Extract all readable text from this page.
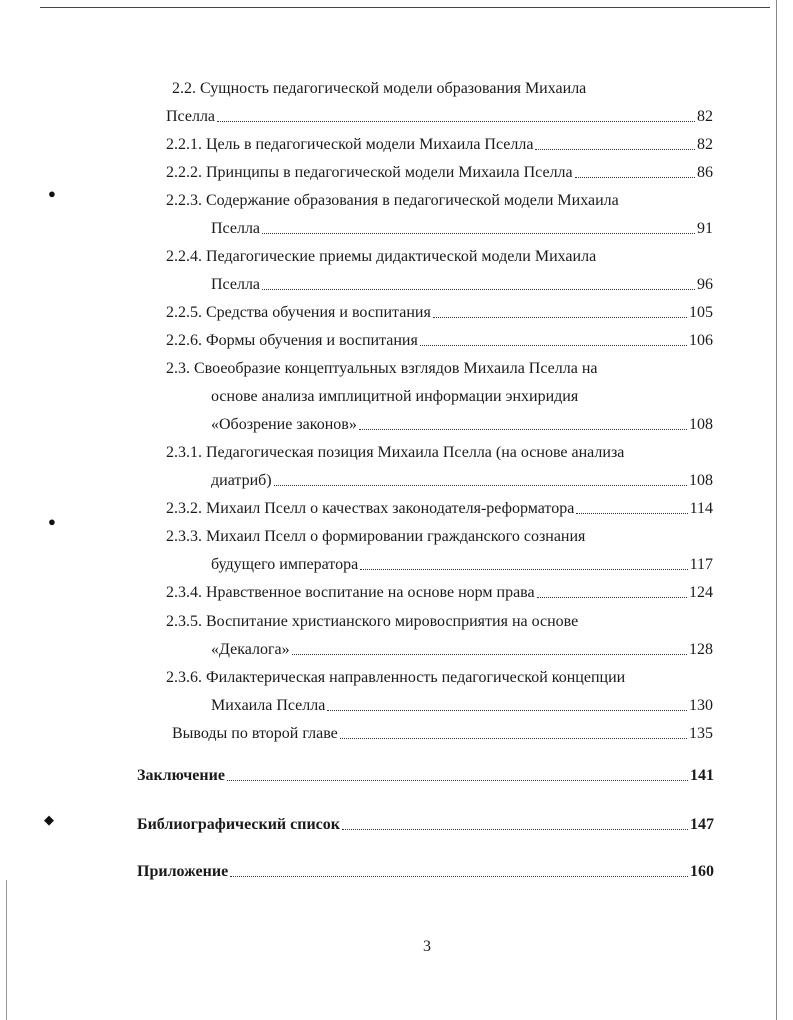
●
●
◆
2.2. Сущность педагогической модели образования Михаила
Пселла	82
2.2.1. Цель в педагогической модели Михаила Пселла	82
2.2.2. Принципы в педагогической модели Михаила Пселла	86
2.2.3. Содержание образования в педагогической модели Михаила
Пселла	91
2.2.4. Педагогические приемы дидактической модели Михаила
Пселла	96
2.2.5. Средства обучения и воспитания	105
2.2.6. Формы обучения и воспитания	106
2.3. Своеобразие концептуальных взглядов Михаила Пселла на
основе анализа имплицитной информации энхиридия
«Обозрение законов»	108
2.3.1. Педагогическая позиция Михаила Пселла (на основе анализа
диатриб)	108
2.3.2. Михаил Пселл о качествах законодателя-реформатора	114
2.3.3. Михаил Пселл о формировании гражданского сознания
будущего императора	117
2.3.4. Нравственное воспитание на основе норм права	124
2.3.5. Воспитание христианского мировосприятия на основе
«Декалога»	128
2.3.6. Филактерическая направленность педагогической концепции
Михаила Пселла	130
Выводы по второй главе	135
Заключение	141
Библиографический список	147
Приложение	160
3
